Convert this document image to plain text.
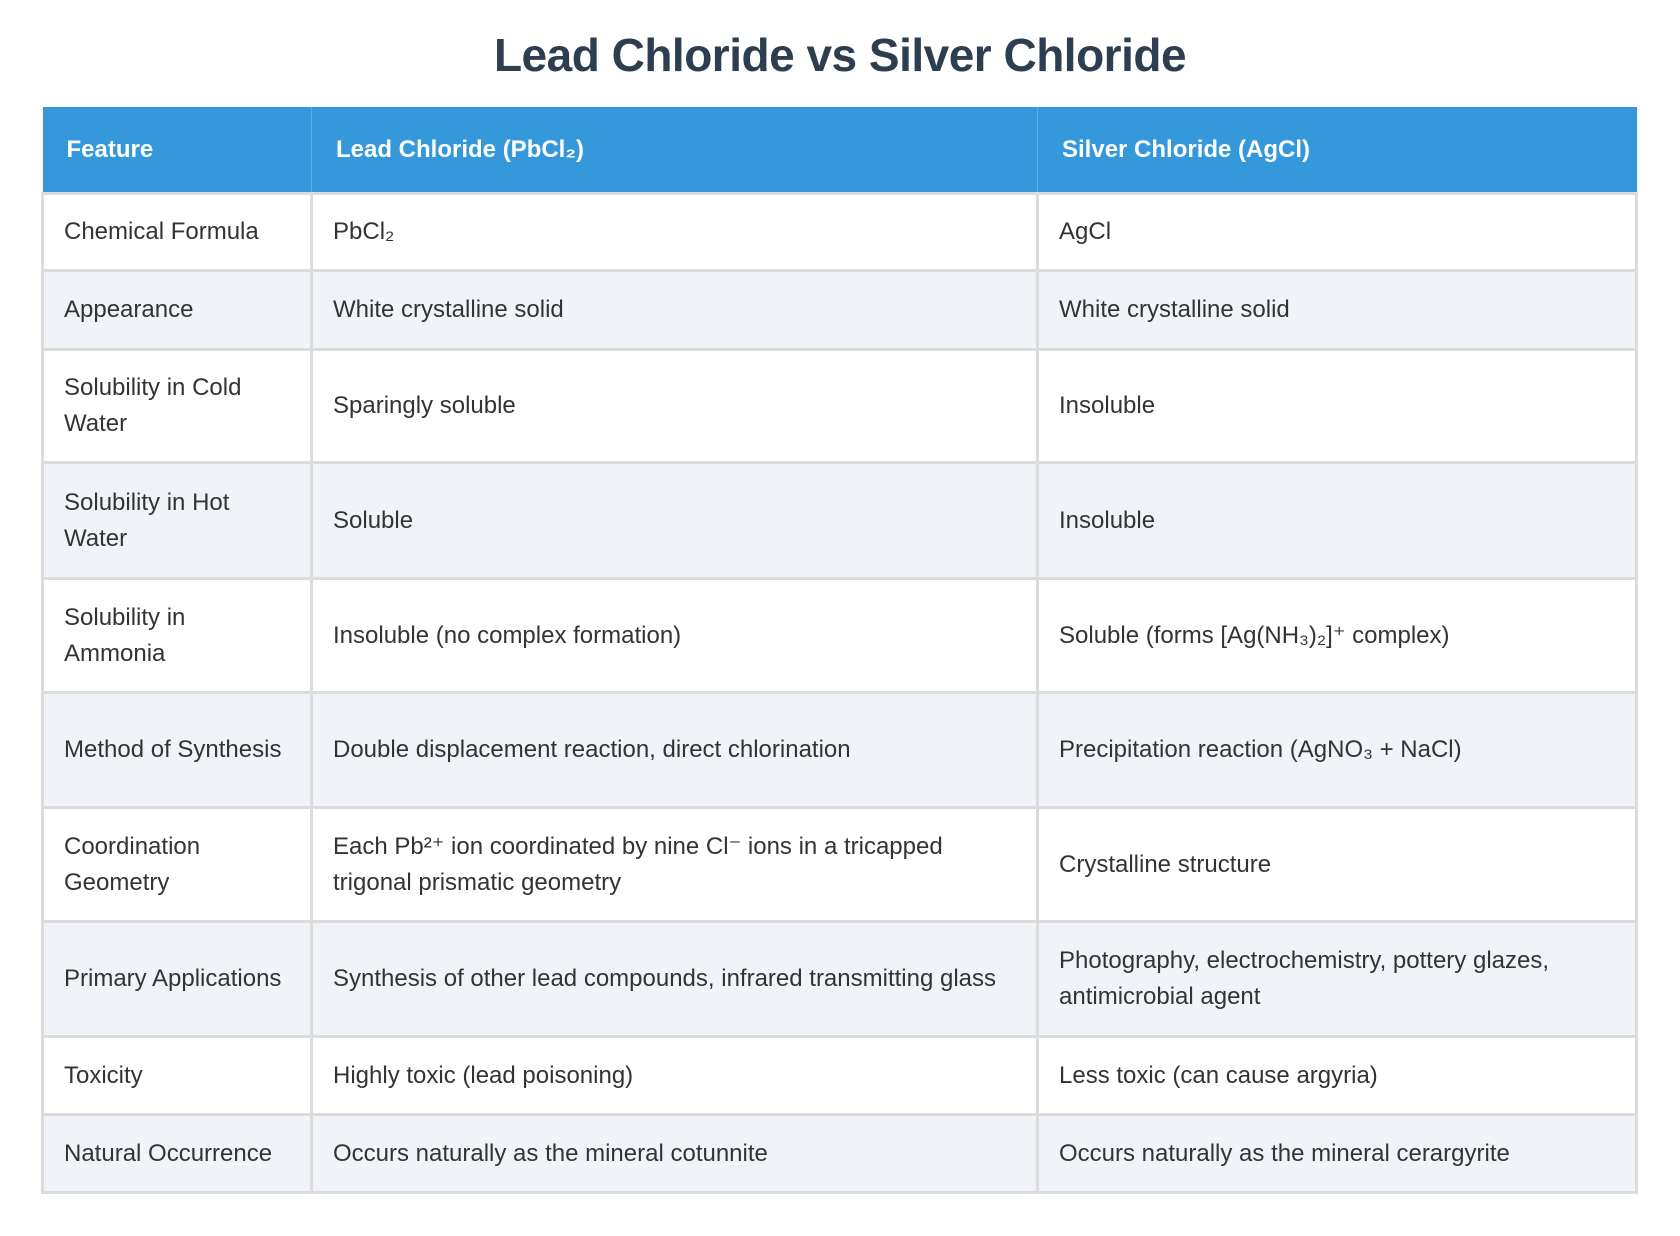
Lead Chloride vs Silver Chloride
Feature	Lead Chloride (PbCl₂)	Silver Chloride (AgCl)
Chemical Formula	PbCl₂	AgCl
Appearance	White crystalline solid	White crystalline solid
Solubility in Cold Water	Sparingly soluble	Insoluble
Solubility in Hot Water	Soluble	Insoluble
Solubility in Ammonia	Insoluble (no complex formation)	Soluble (forms [Ag(NH₃)₂]⁺ complex)
Method of Synthesis	Double displacement reaction, direct chlorination	Precipitation reaction (AgNO₃ + NaCl)
Coordination Geometry	Each Pb²⁺ ion coordinated by nine Cl⁻ ions in a tricapped trigonal prismatic geometry	Crystalline structure
Primary Applications	Synthesis of other lead compounds, infrared transmitting glass	Photography, electrochemistry, pottery glazes, antimicrobial agent
Toxicity	Highly toxic (lead poisoning)	Less toxic (can cause argyria)
Natural Occurrence	Occurs naturally as the mineral cotunnite	Occurs naturally as the mineral cerargyrite
